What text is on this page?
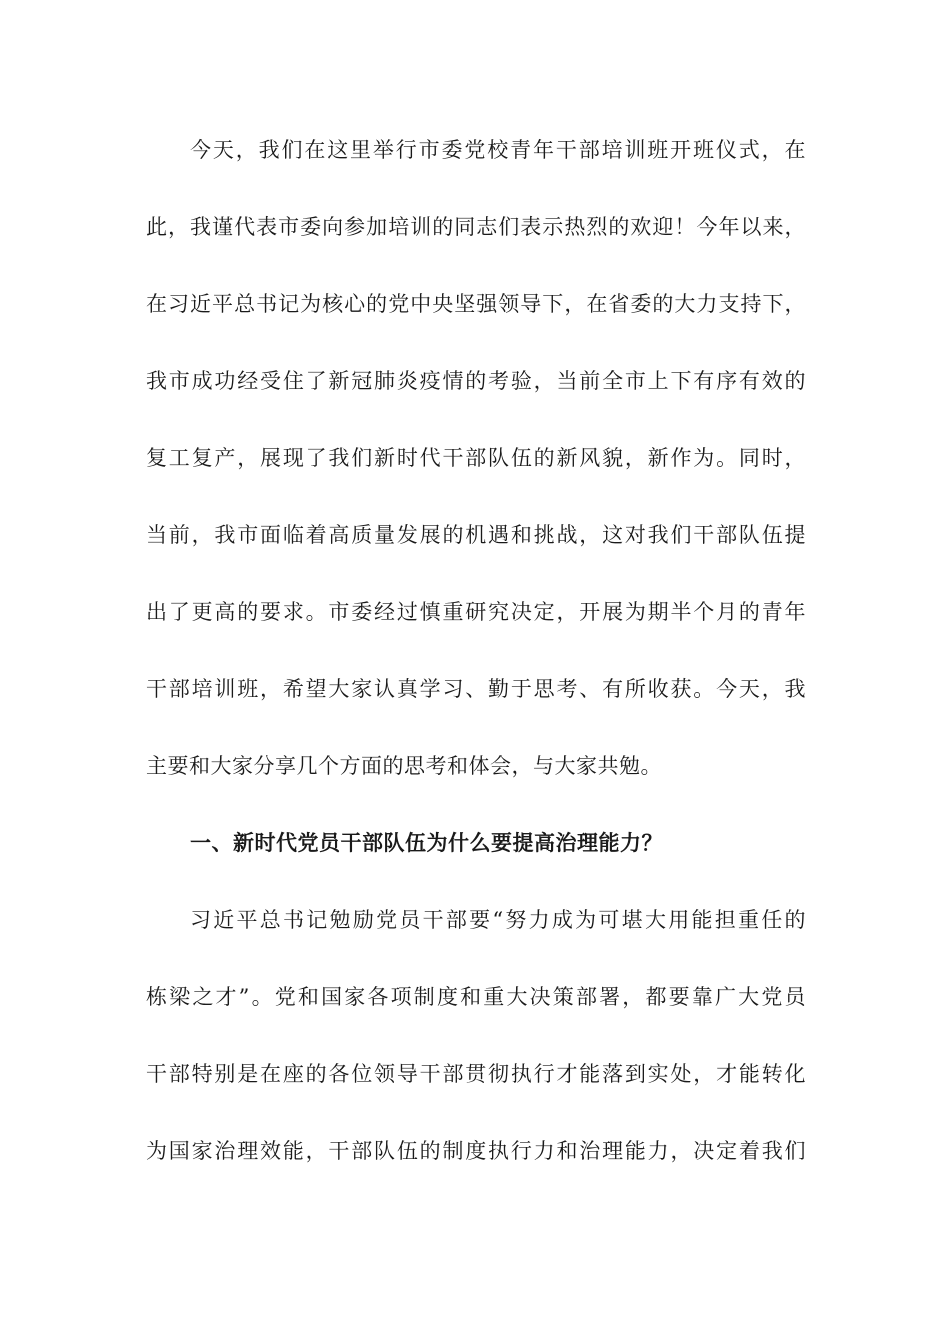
今天，我们在这里举行市委党校青年干部培训班开班仪式，在
此，我谨代表市委向参加培训的同志们表示热烈的欢迎！今年以来，
在习近平总书记为核心的党中央坚强领导下，在省委的大力支持下，
我市成功经受住了新冠肺炎疫情的考验，当前全市上下有序有效的
复工复产，展现了我们新时代干部队伍的新风貌，新作为。同时，
当前，我市面临着高质量发展的机遇和挑战，这对我们干部队伍提
出了更高的要求。市委经过慎重研究决定，开展为期半个月的青年
干部培训班，希望大家认真学习、勤于思考、有所收获。今天，我
主要和大家分享几个方面的思考和体会，与大家共勉。
一、新时代党员干部队伍为什么要提高治理能力？
习近平总书记勉励党员干部要“努力成为可堪大用能担重任的
栋梁之才”。党和国家各项制度和重大决策部署，都要靠广大党员
干部特别是在座的各位领导干部贯彻执行才能落到实处，才能转化
为国家治理效能，干部队伍的制度执行力和治理能力，决定着我们
